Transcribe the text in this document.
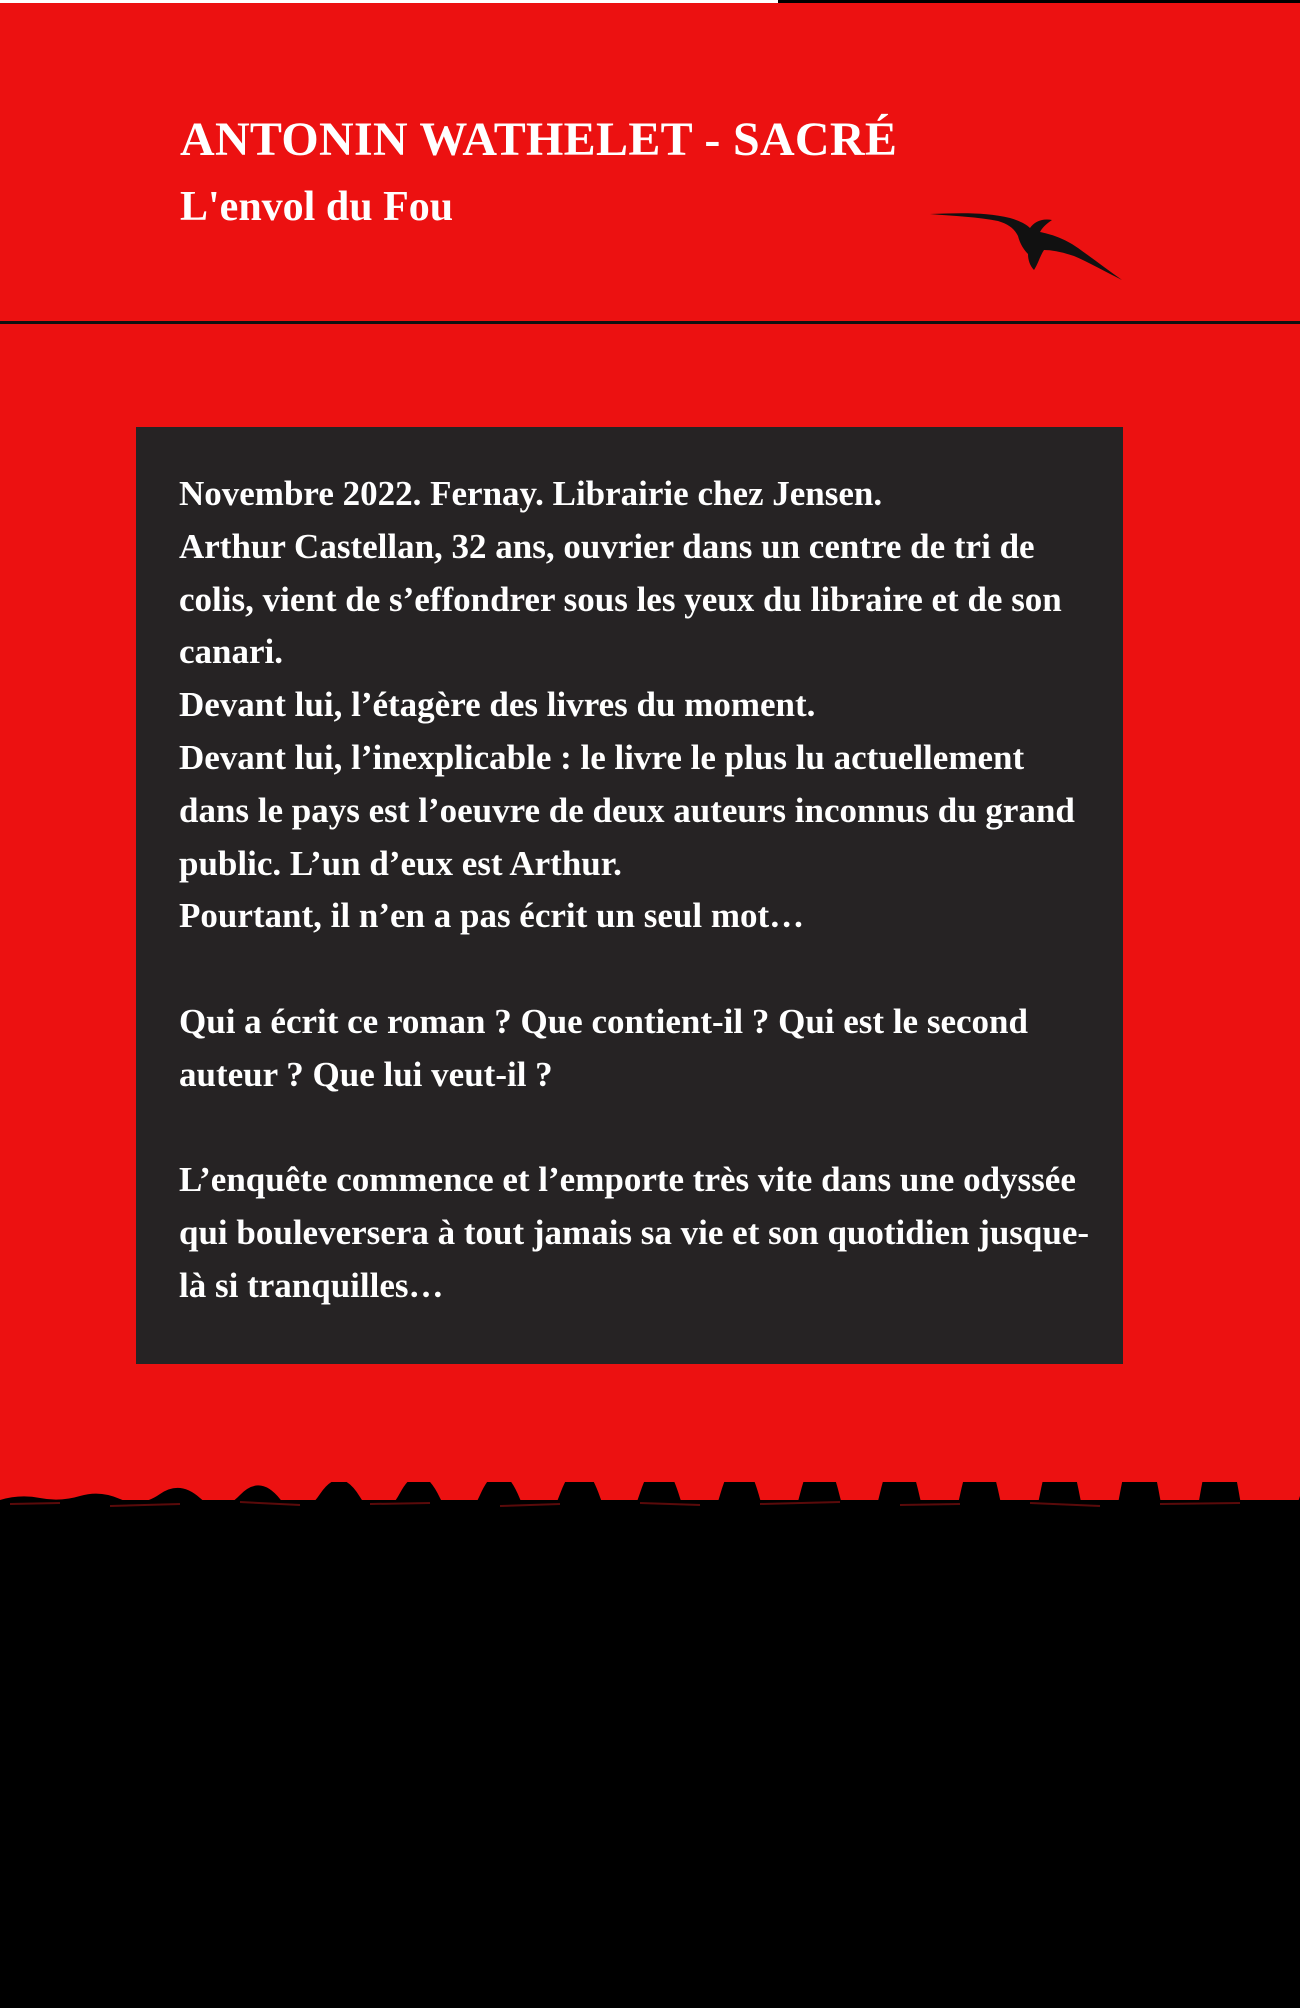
ANTONIN WATHELET - SACRÉ
L'envol du Fou

Novembre 2022. Fernay. Librairie chez Jensen.

Arthur Castellan, 32 ans, ouvrier dans un centre de tri de colis, vient de s’effondrer sous les yeux du libraire et de son canari.

Devant lui, l’étagère des livres du moment.

Devant lui, l’inexplicable : le livre le plus lu actuellement dans le pays est l’oeuvre de deux auteurs inconnus du grand public. L’un d’eux est Arthur.

Pourtant, il n’en a pas écrit un seul mot…

Qui a écrit ce roman ? Que contient-il ? Qui est le second auteur ? Que lui veut-il ?

L’enquête commence et l’emporte très vite dans une odyssée qui bouleversera à tout jamais sa vie et son quotidien jusque-là si tranquilles…
